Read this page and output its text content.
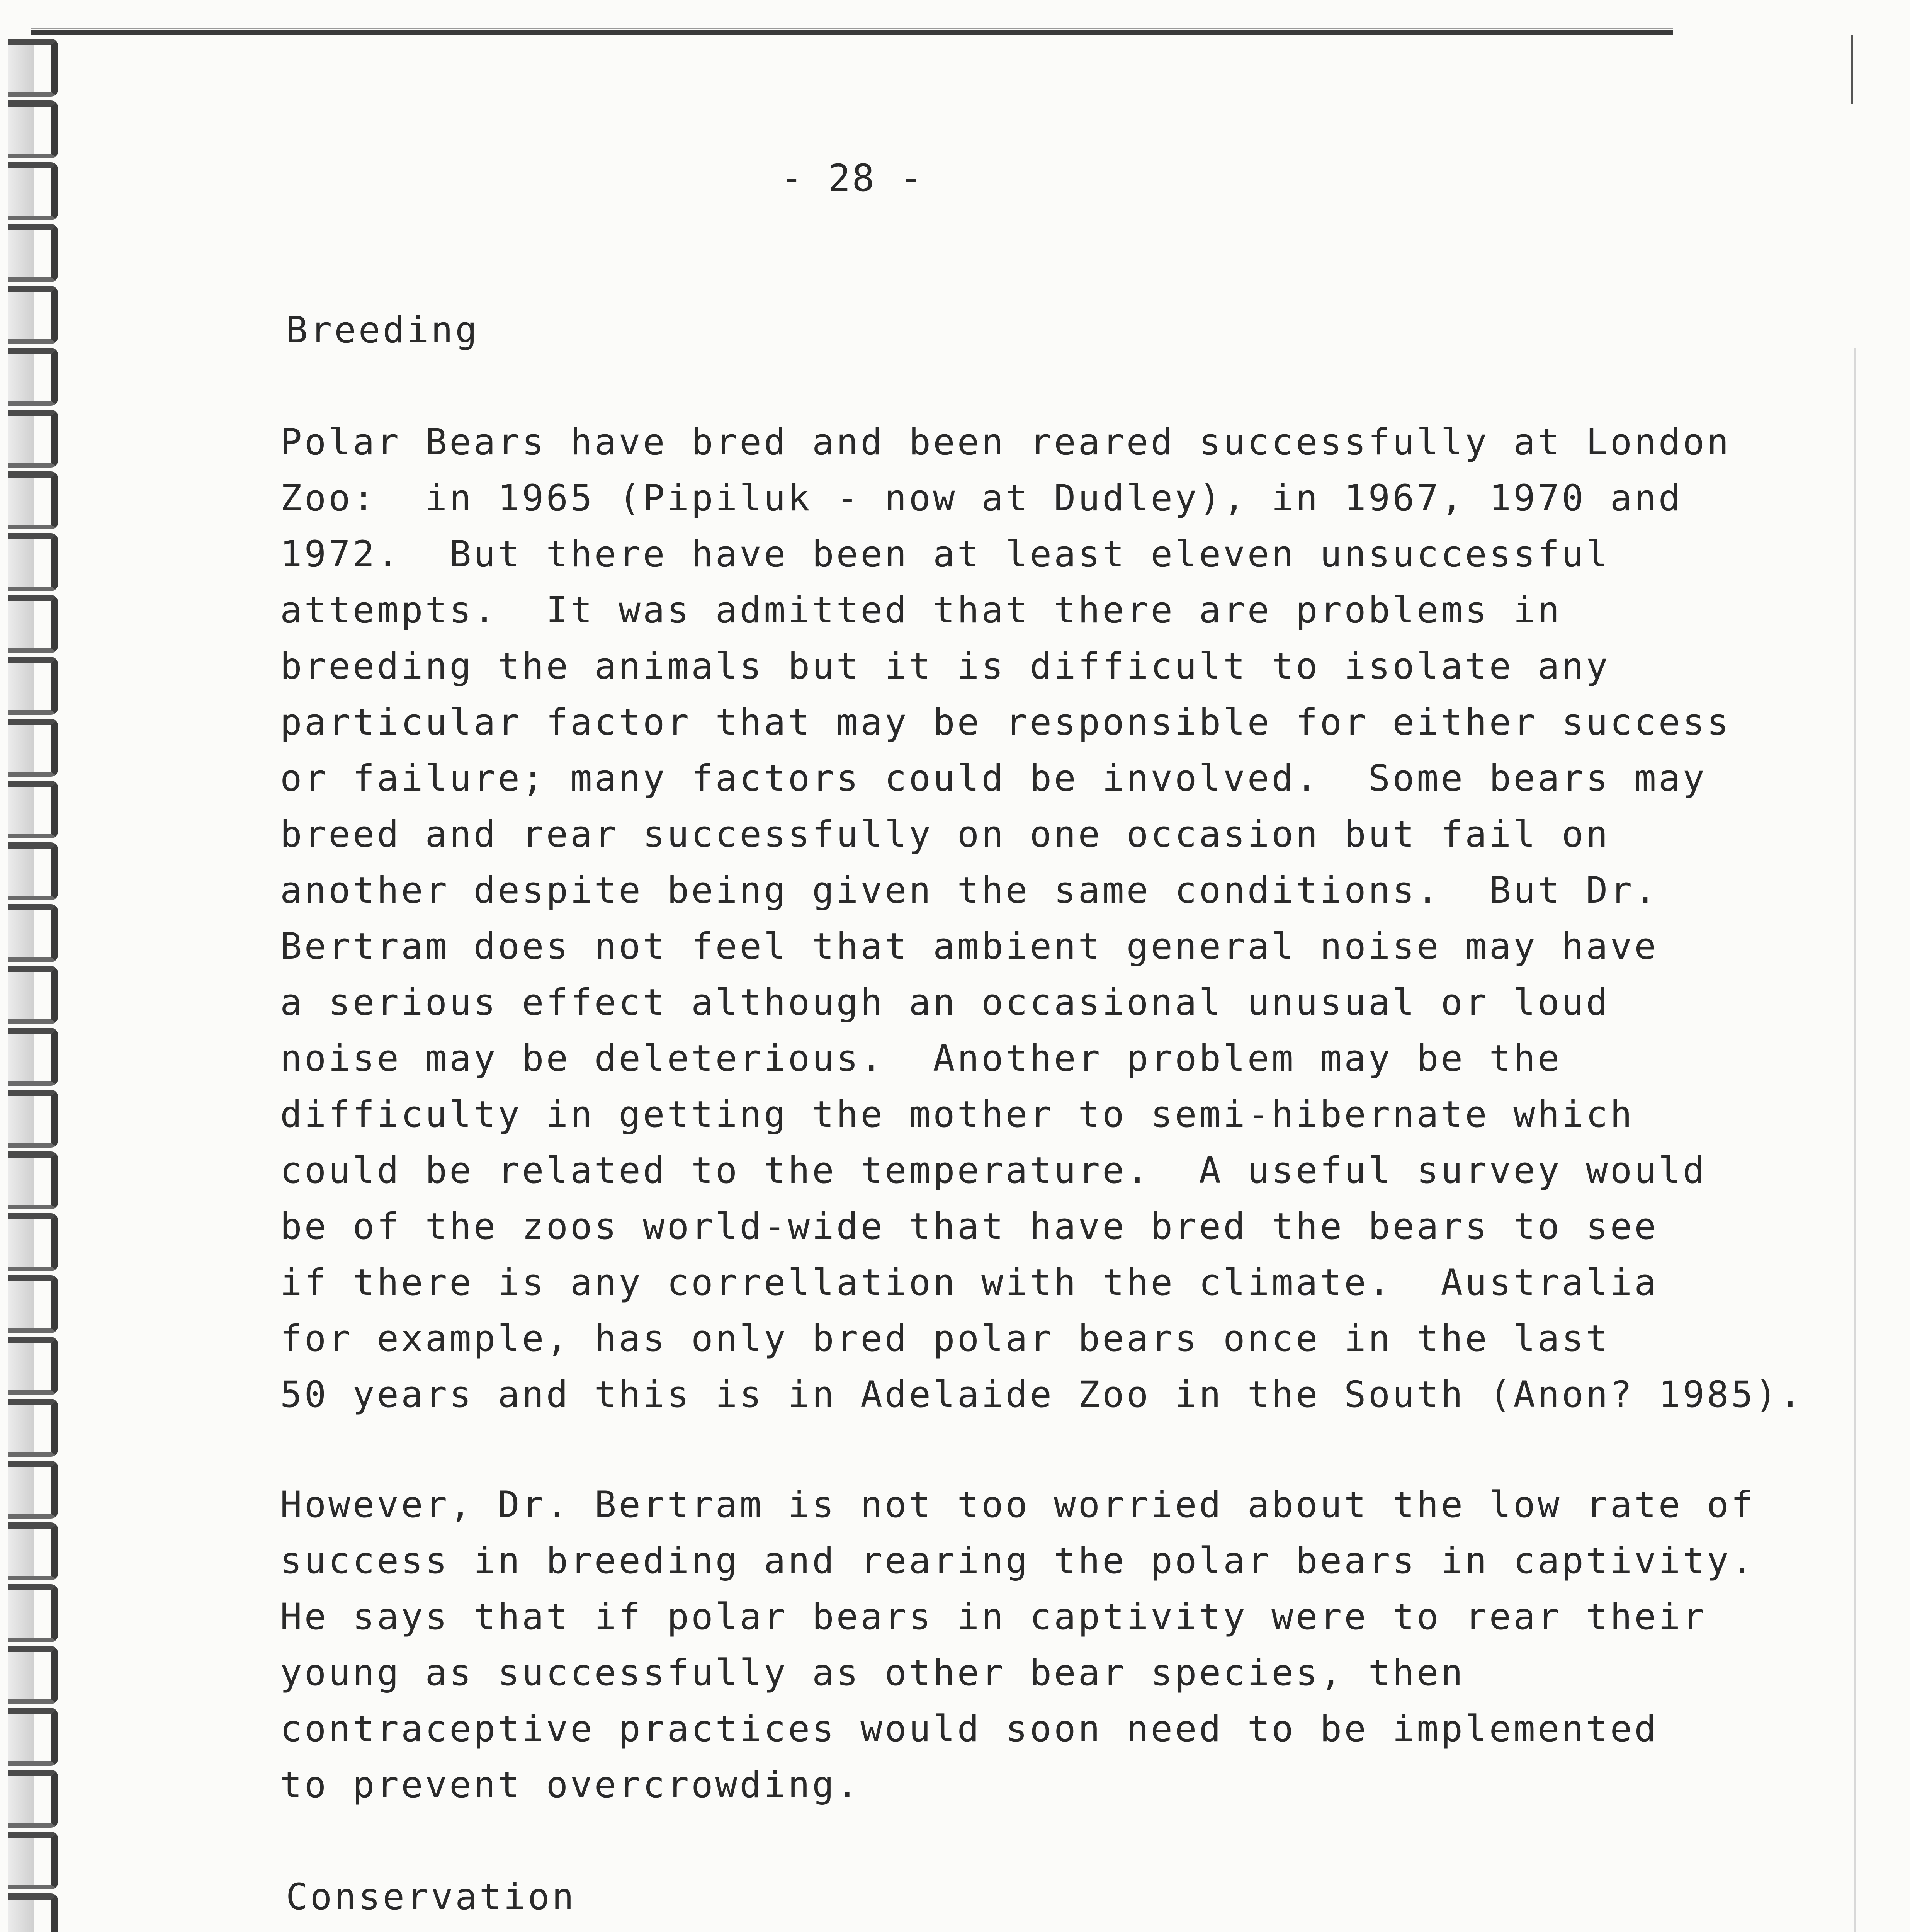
- 28 -
Breeding
Polar Bears have bred and been reared successfully at London
Zoo:  in 1965 (Pipiluk - now at Dudley), in 1967, 1970 and
1972.  But there have been at least eleven unsuccessful
attempts.  It was admitted that there are problems in
breeding the animals but it is difficult to isolate any
particular factor that may be responsible for either success
or failure; many factors could be involved.  Some bears may
breed and rear successfully on one occasion but fail on
another despite being given the same conditions.  But Dr.
Bertram does not feel that ambient general noise may have
a serious effect although an occasional unusual or loud
noise may be deleterious.  Another problem may be the
difficulty in getting the mother to semi-hibernate which
could be related to the temperature.  A useful survey would
be of the zoos world-wide that have bred the bears to see
if there is any correllation with the climate.  Australia
for example, has only bred polar bears once in the last
50 years and this is in Adelaide Zoo in the South (Anon? 1985).
However, Dr. Bertram is not too worried about the low rate of
success in breeding and rearing the polar bears in captivity.
He says that if polar bears in captivity were to rear their
young as successfully as other bear species, then
contraceptive practices would soon need to be implemented
to prevent overcrowding.
Conservation
